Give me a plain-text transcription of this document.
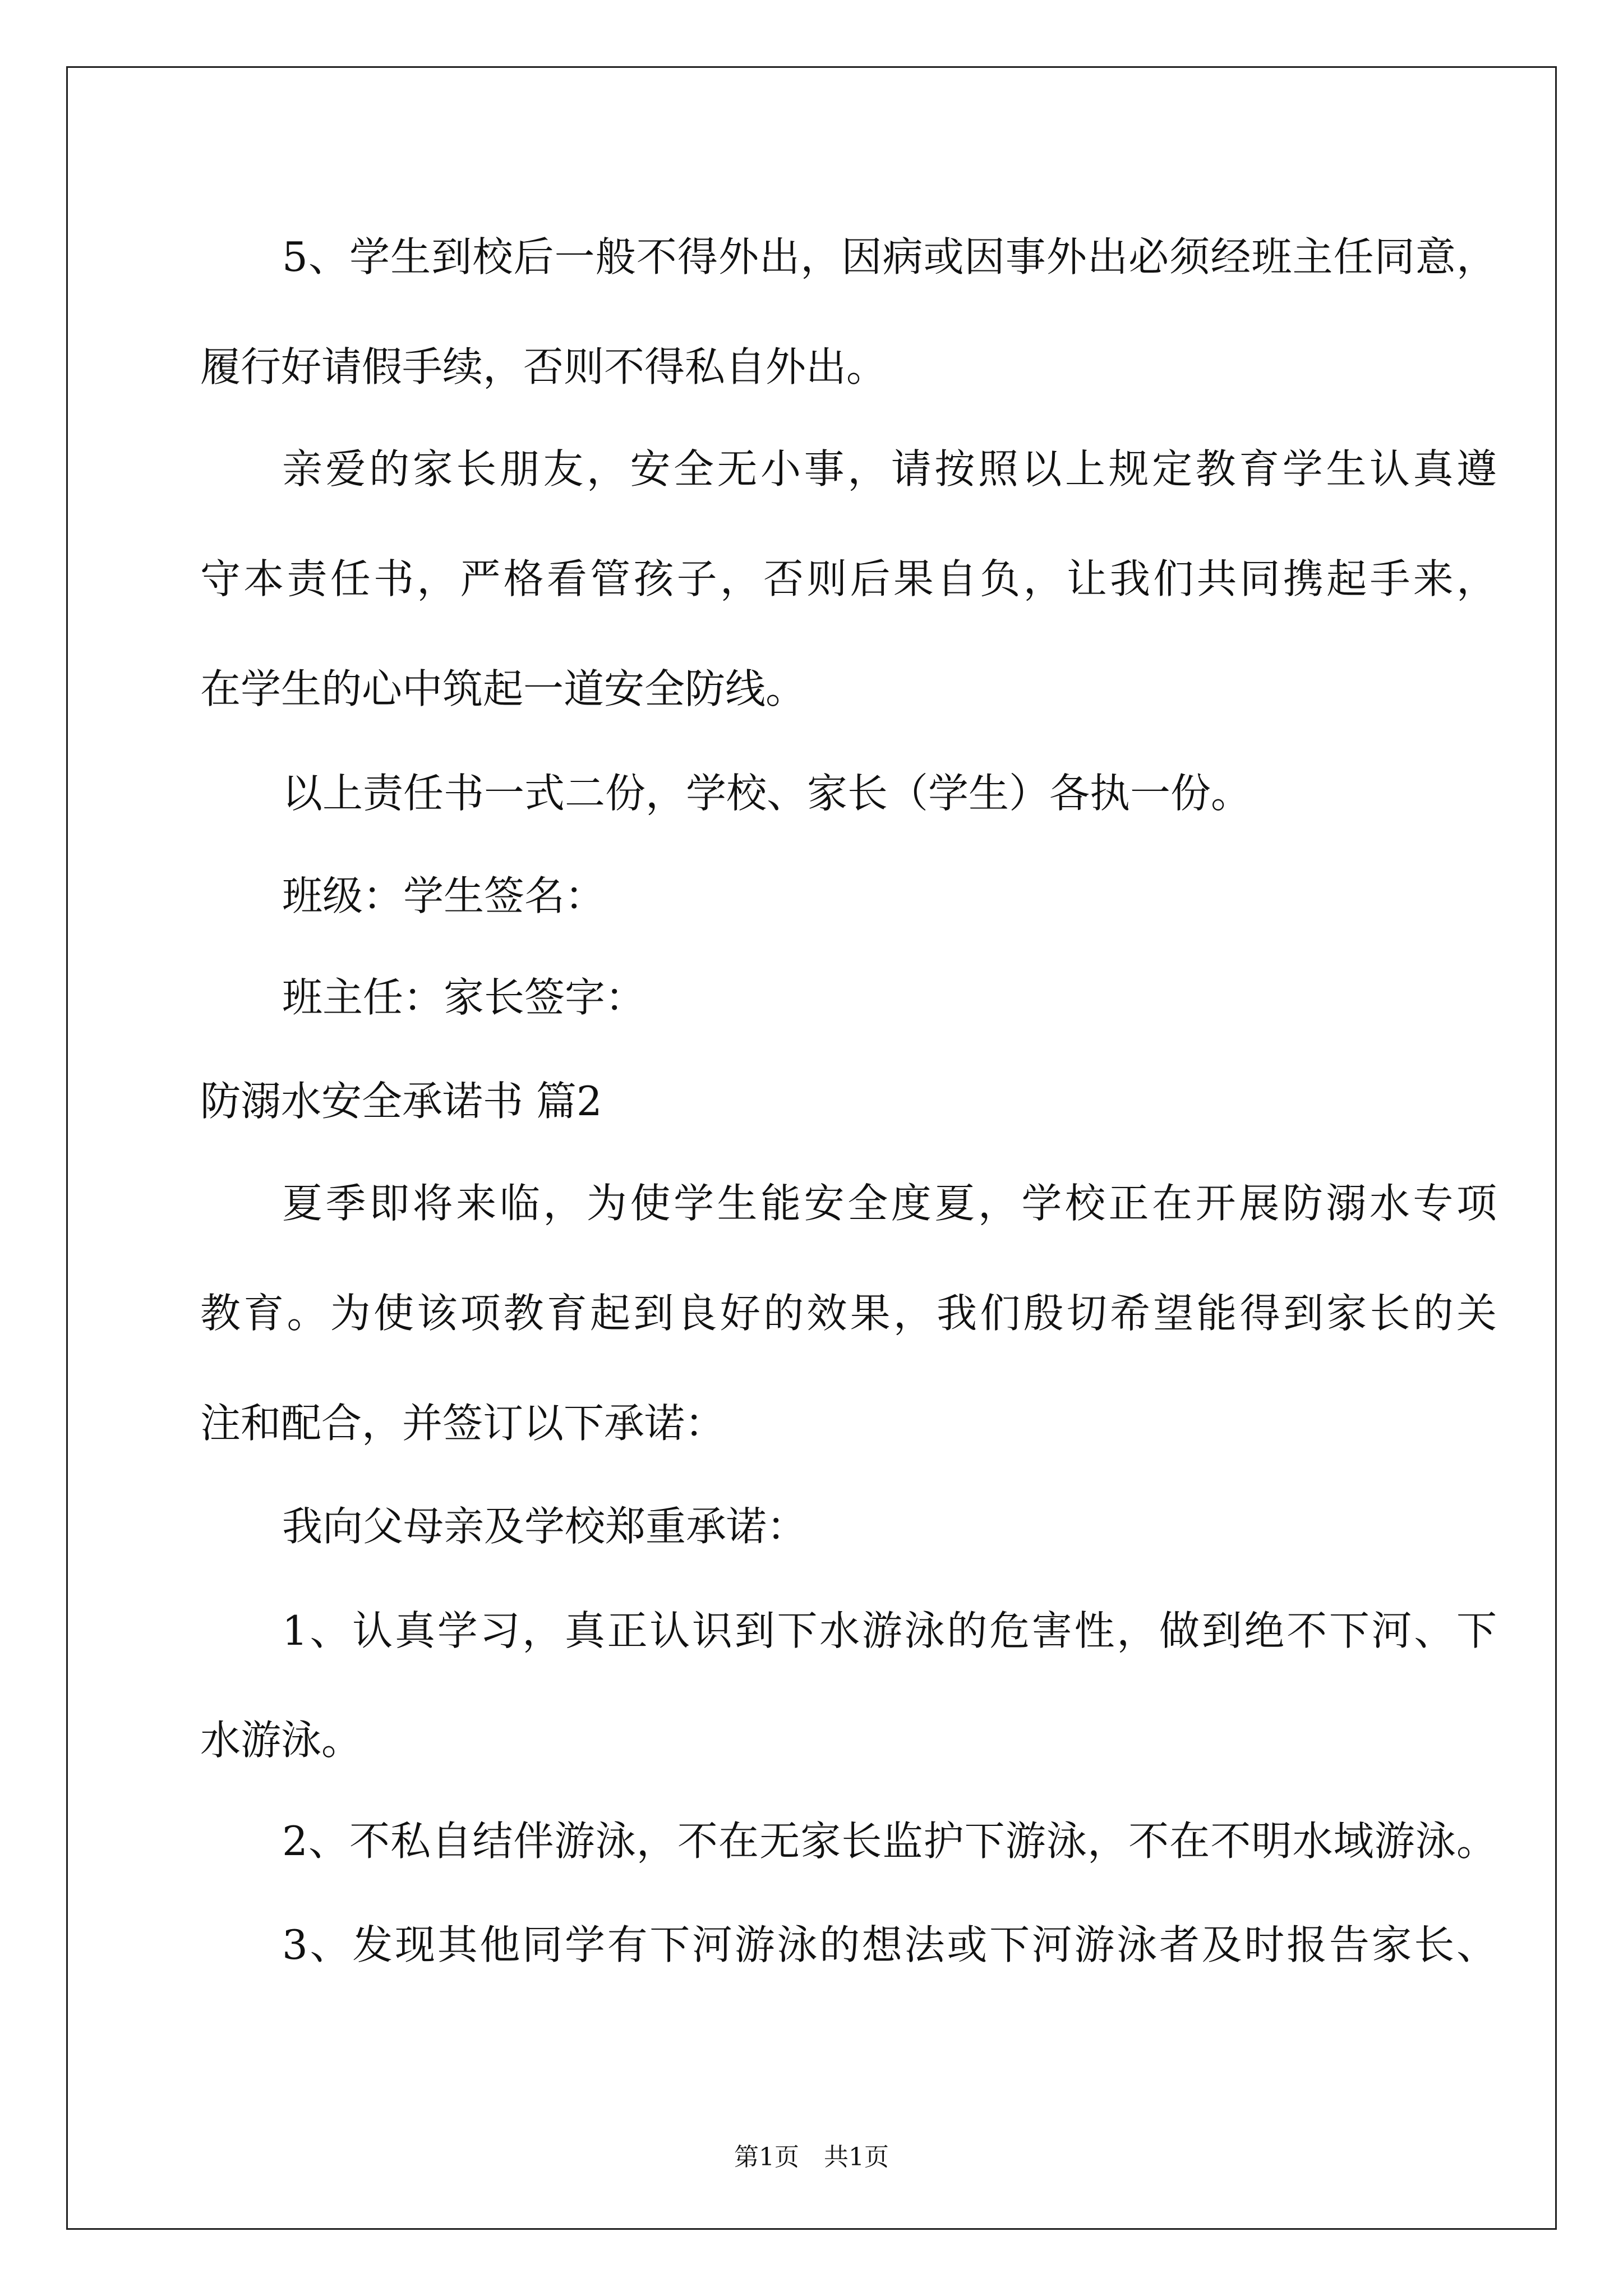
5、学生到校后一般不得外出，因病或因事外出必须经班主任同意，
履行好请假手续，否则不得私自外出。
亲爱的家长朋友，安全无小事，请按照以上规定教育学生认真遵
守本责任书，严格看管孩子，否则后果自负，让我们共同携起手来，
在学生的心中筑起一道安全防线。
以上责任书一式二份，学校、家长（学生）各执一份。
班级：学生签名：
班主任：家长签字：
防溺水安全承诺书 篇2
夏季即将来临，为使学生能安全度夏，学校正在开展防溺水专项
教育。为使该项教育起到良好的效果，我们殷切希望能得到家长的关
注和配合，并签订以下承诺：
我向父母亲及学校郑重承诺：
1、认真学习，真正认识到下水游泳的危害性，做到绝不下河、下
水游泳。
2、不私自结伴游泳，不在无家长监护下游泳，不在不明水域游泳。
3、发现其他同学有下河游泳的想法或下河游泳者及时报告家长、
第1页　共1页
